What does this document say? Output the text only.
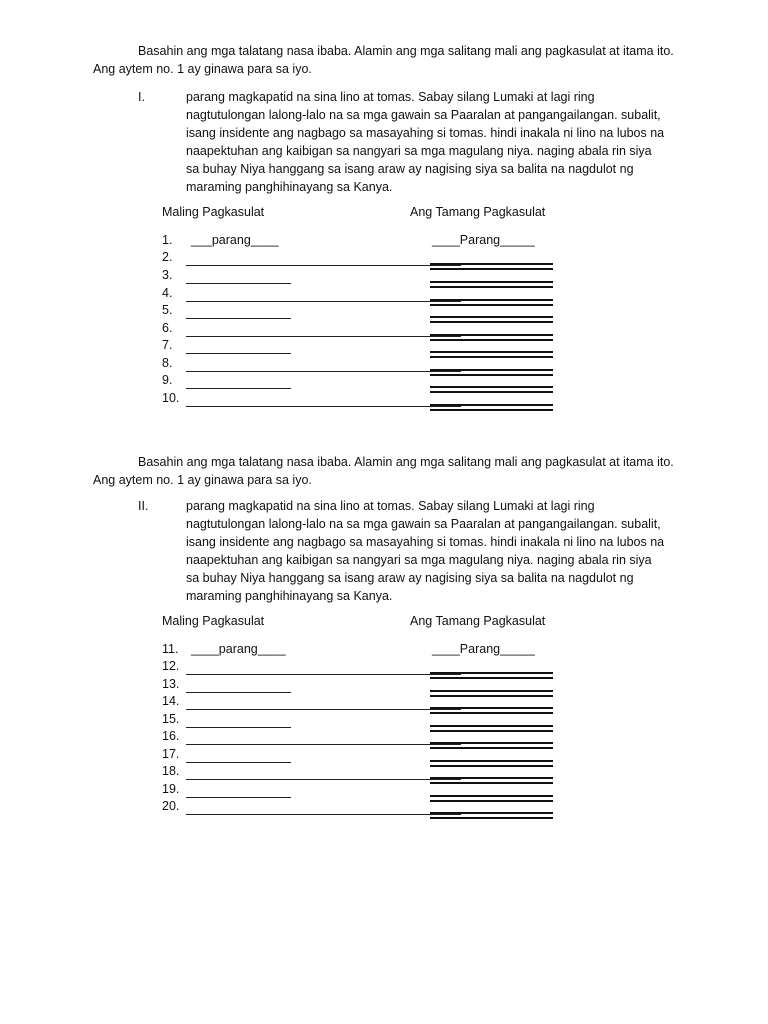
Basahin ang mga talatang nasa ibaba. Alamin ang mga salitang mali ang pagkasulat at itama ito. Ang aytem no. 1 ay ginawa para sa iyo.

I.	parang magkapatid na sina lino at tomas. Sabay silang Lumaki at lagi ring
nagtutulongan lalong-lalo na sa mga gawain sa Paaralan at pangangailangan. subalit,
isang insidente ang nagbago sa masayahing si tomas. hindi inakala ni lino na lubos na
naapektuhan ang kaibigan sa nangyari sa mga magulang niya. naging abala rin siya
sa buhay Niya hanggang sa isang araw ay nagising siya sa balita na nagdulot ng
maraming panghihinayang sa Kanya.
Maling Pagkasulat	Ang Tamang Pagkasulat
1. ___parang____	____Parang_____
2.
3.
4.
5.
6.
7.
8.
9.
10.

Basahin ang mga talatang nasa ibaba. Alamin ang mga salitang mali ang pagkasulat at itama ito. Ang aytem no. 1 ay ginawa para sa iyo.

II.	parang magkapatid na sina lino at tomas. Sabay silang Lumaki at lagi ring
nagtutulongan lalong-lalo na sa mga gawain sa Paaralan at pangangailangan. subalit,
isang insidente ang nagbago sa masayahing si tomas. hindi inakala ni lino na lubos na
naapektuhan ang kaibigan sa nangyari sa mga magulang niya. naging abala rin siya
sa buhay Niya hanggang sa isang araw ay nagising siya sa balita na nagdulot ng
maraming panghihinayang sa Kanya.
Maling Pagkasulat	Ang Tamang Pagkasulat
11. ____parang____	____Parang_____
12.
13.
14.
15.
16.
17.
18.
19.
20.
